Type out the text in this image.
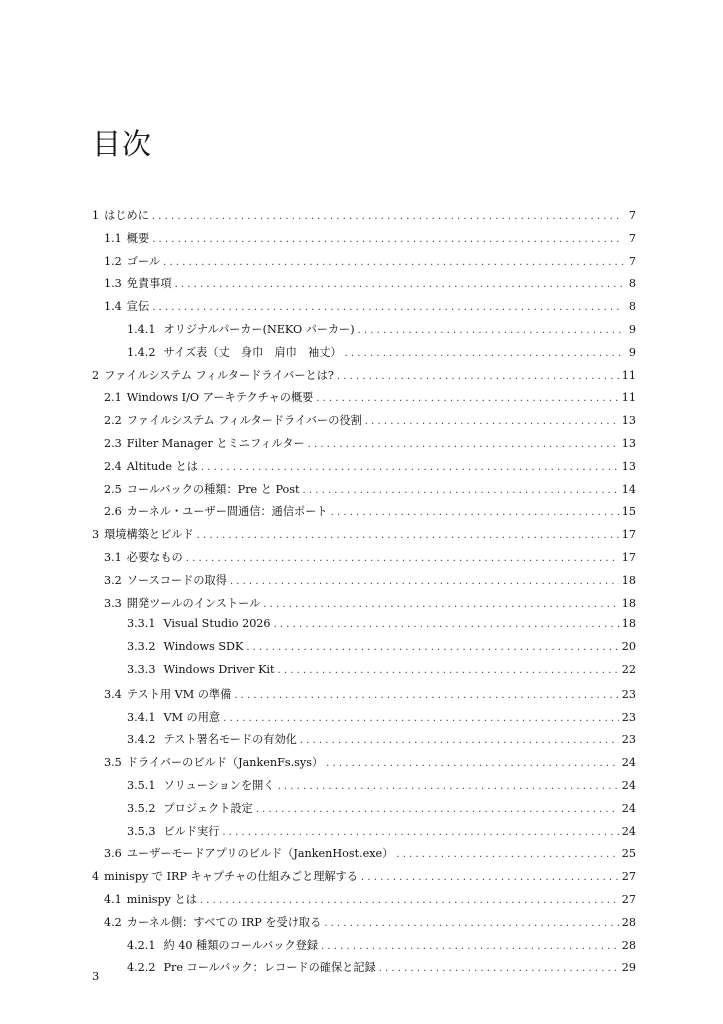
目次
1 はじめに . . .	7
1.1 概要 . . .	7
1.2 ゴール . . .	7
1.3 免責事項 . . .	8
1.4 宣伝 . . .	8
1.4.1 オリジナルパーカー(NEKO パーカー) . . .	9
1.4.2 サイズ表（丈　身巾　肩巾　袖丈） . . .	9
2 ファイルシステム フィルタードライバーとは? . . .	11
2.1 Windows I/O アーキテクチャの概要 . . .	11
2.2 ファイルシステム フィルタードライバーの役割 . . .	13
2.3 Filter Manager とミニフィルター . . .	13
2.4 Altitude とは . . .	13
2.5 コールバックの種類：Pre と Post . . .	14
2.6 カーネル・ユーザー間通信：通信ポート . . .	15
3 環境構築とビルド . . .	17
3.1 必要なもの . . .	17
3.2 ソースコードの取得 . . .	18
3.3 開発ツールのインストール . . .	18
3.3.1 Visual Studio 2026 . . .	18
3.3.2 Windows SDK . . .	20
3.3.3 Windows Driver Kit . . .	22
3.4 テスト用 VM の準備 . . .	23
3.4.1 VM の用意 . . .	23
3.4.2 テスト署名モードの有効化 . . .	23
3.5 ドライバーのビルド（JankenFs.sys） . . .	24
3.5.1 ソリューションを開く . . .	24
3.5.2 プロジェクト設定 . . .	24
3.5.3 ビルド実行 . . .	24
3.6 ユーザーモードアプリのビルド（JankenHost.exe） . . .	25
4 minispy で IRP キャプチャの仕組みごと理解する . . .	27
4.1 minispy とは . . .	27
4.2 カーネル側：すべての IRP を受け取る . . .	28
4.2.1 約 40 種類のコールバック登録 . . .	28
4.2.2 Pre コールバック：レコードの確保と記録 . . .	29
3
